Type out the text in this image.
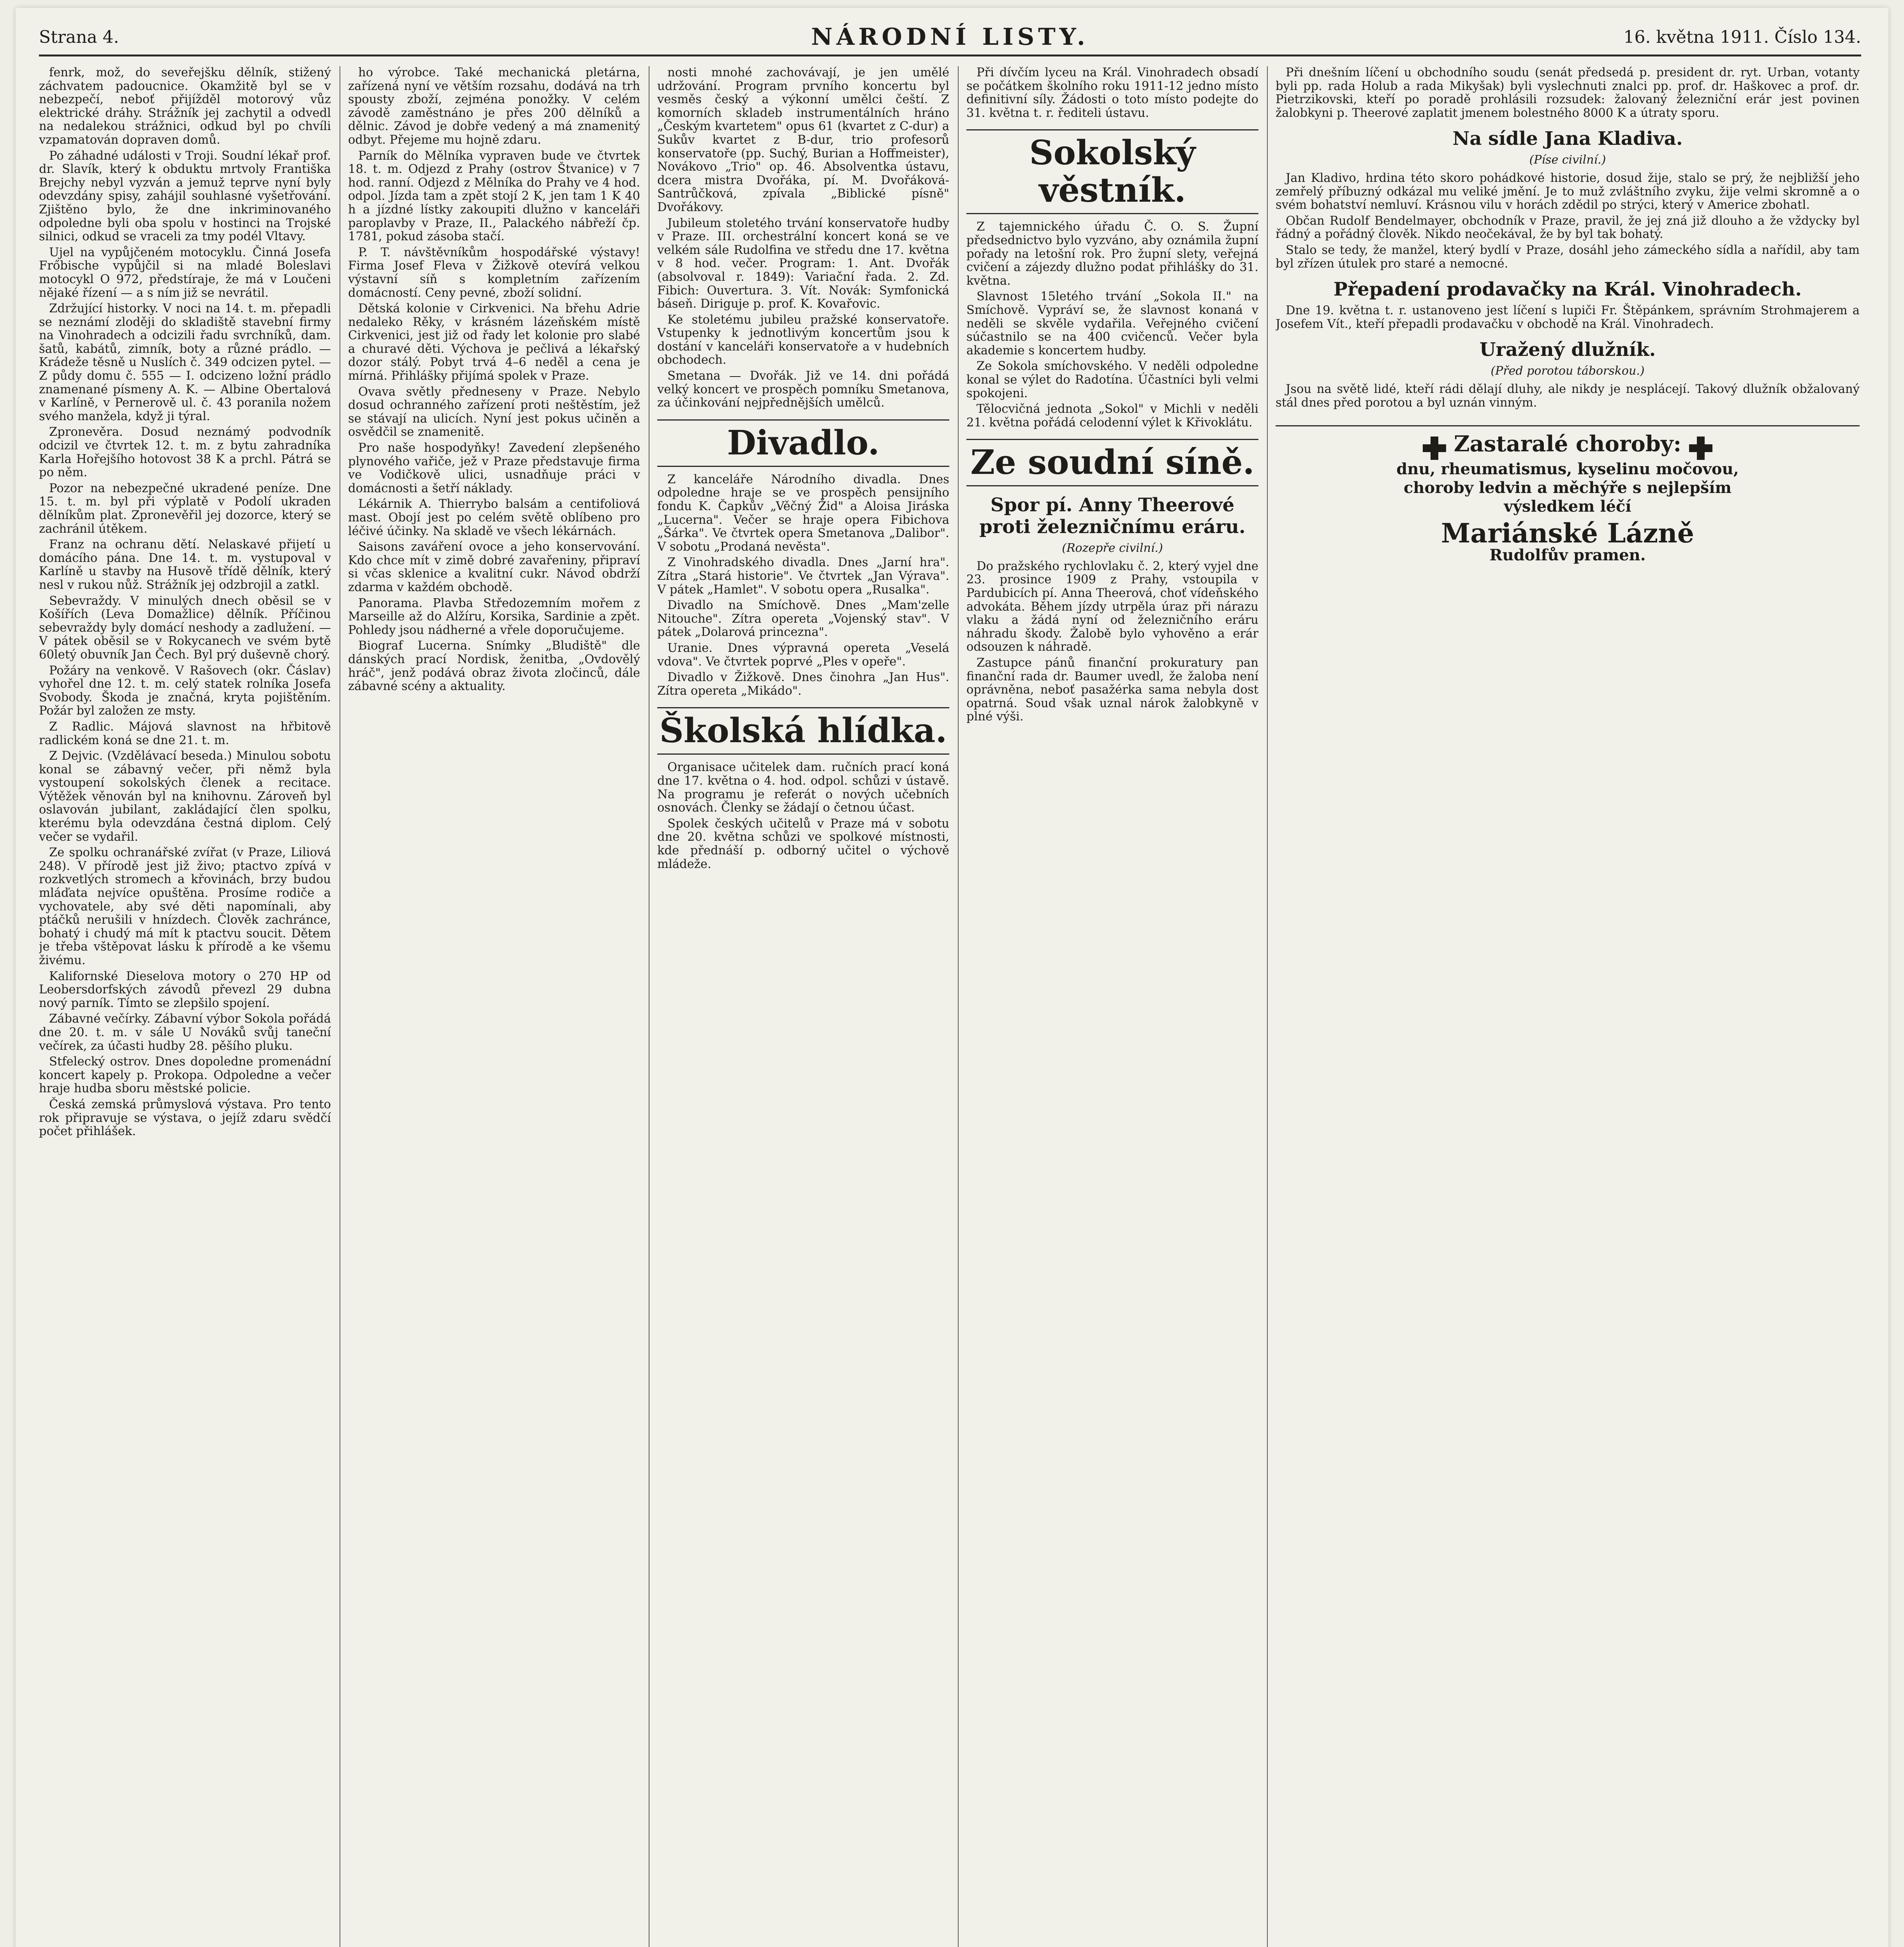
Strana 4.	NÁRODNÍ LISTY.	16. května 1911. Číslo 134.

fenrk, mož, do seveřejšku dělník, stižený záchvatem padoucnice. Okamžitě byl se v nebezpečí, neboť přijížděl motorový vůz elektrické dráhy. Strážník jej zachytil a odvedl na nedalekou strážnici, odkud byl po chvíli vzpamatován dopraven domů.

Po záhadné události v Troji. Soudní lékař prof. dr. Slavík, který k obduktu mrtvoly Františka Brejchy nebyl vyzván a jemuž teprve nyní byly odevzdány spisy, zahájil souhlasné vyšetřování. Zjištěno bylo, že dne inkriminovaného odpoledne byli oba spolu v hostinci na Trojské silnici, odkud se vraceli za tmy podél Vltavy.

Ujel na vypůjčeném motocyklu. Činná Josefa Frőbische vypůjčil si na mladé Boleslavi motocykl O 972, předstíraje, že má v Loučeni nějaké řízení — a s ním již se nevrátil.

Zdržující historky. V noci na 14. t. m. přepadli se neznámí zloději do skladiště stavební firmy na Vinohradech a odcizili řadu svrchníků, dam. šatů, kabátů, zimník, boty a různé prádlo. — Krádeže těsně u Nuslích č. 349 odcizen pytel. — Z půdy domu č. 555 — I. odcizeno ložní prádlo znamenané písmeny A. K. — Albine Obertalová v Karlíně, v Pernerově ul. č. 43 poranila nožem svého manžela, když ji týral.

Zpronevěra. Dosud neznámý podvodník odcizil ve čtvrtek 12. t. m. z bytu zahradníka Karla Hořejšího hotovost 38 K a prchl. Pátrá se po něm.

Pozor na nebezpečné ukradené peníze. Dne 15. t. m. byl při výplatě v Podolí ukraden dělníkům plat. Zpronevěřil jej dozorce, který se zachránil útěkem.

Franz na ochranu dětí. Nelaskavé přijetí u domácího pána. Dne 14. t. m. vystupoval v Karlíně u stavby na Husově třídě dělník, který nesl v rukou nůž. Strážník jej odzbrojil a zatkl.

Sebevraždy. V minulých dnech oběsil se v Košířích (Leva Domažlice) dělník. Příčinou sebevraždy byly domácí neshody a zadlužení. — V pátek oběsil se v Rokycanech ve svém bytě 60letý obuvník Jan Čech. Byl prý duševně chorý.

Požáry na venkově. V Rašovech (okr. Čáslav) vyhořel dne 12. t. m. celý statek rolníka Josefa Svobody. Škoda je značná, kryta pojištěním. Požár byl založen ze msty.

Z Radlic. Májová slavnost na hřbitově radlickém koná se dne 21. t. m.

Z Dejvic. (Vzdělávací beseda.) Minulou sobotu konal se zábavný večer, při němž byla vystoupení sokolských členek a recitace. Výtěžek věnován byl na knihovnu. Zároveň byl oslavován jubilant, zakládající člen spolku, kterému byla odevzdána čestná diplom. Celý večer se vydařil.

Ze spolku ochranářské zvířat (v Praze, Liliová 248). V přírodě jest již živo; ptactvo zpívá v rozkvetlých stromech a křovinách, brzy budou mláďata nejvíce opuštěna. Prosíme rodiče a vychovatele, aby své děti napomínali, aby ptáčků nerušili v hnízdech. Člověk zachránce, bohatý i chudý má mít k ptactvu soucit. Dětem je třeba vštěpovat lásku k přírodě a ke všemu živému.

Kalifornské Dieselova motory o 270 HP od Leobersdorfských závodů převezl 29 dubna nový parník. Tímto se zlepšilo spojení.

Zábavné večírky. Zábavní výbor Sokola pořádá dne 20. t. m. v sále U Nováků svůj taneční večírek, za účasti hudby 28. pěšího pluku.

Stfelecký ostrov. Dnes dopoledne promenádní koncert kapely p. Prokopa. Odpoledne a večer hraje hudba sboru městské policie.

Česká zemská průmyslová výstava. Pro tento rok připravuje se výstava, o jejíž zdaru svědčí počet přihlášek.

ho výrobce. Také mechanická pletárna, zařízená nyní ve větším rozsahu, dodává na trh spousty zboží, zejména ponožky. V celém závodě zaměstnáno je přes 200 dělníků a dělnic. Závod je dobře vedený a má znamenitý odbyt. Přejeme mu hojně zdaru.

Parník do Mělníka vypraven bude ve čtvrtek 18. t. m. Odjezd z Prahy (ostrov Štvanice) v 7 hod. ranní. Odjezd z Mělníka do Prahy ve 4 hod. odpol. Jízda tam a zpět stojí 2 K, jen tam 1 K 40 h a jízdné lístky zakoupiti dlužno v kanceláři paroplavby v Praze, II., Palackého nábřeží čp. 1781, pokud zásoba stačí.

P. T. návštěvníkům hospodářské výstavy! Firma Josef Fleva v Žižkově otevírá velkou výstavní síň s kompletním zařízením domácností. Ceny pevné, zboží solidní.

Dětská kolonie v Cirkvenici. Na břehu Adrie nedaleko Rěky, v krásném lázeňském místě Cirkvenici, jest již od řady let kolonie pro slabé a churavé děti. Výchova je pečlivá a lékařský dozor stálý. Pobyt trvá 4–6 neděl a cena je mírná. Přihlášky přijímá spolek v Praze.

Ovava světly předneseny v Praze. Nebylo dosud ochranného zařízení proti neštěstím, jež se stávají na ulicích. Nyní jest pokus učiněn a osvědčil se znamenitě.

Pro naše hospodyňky! Zavedení zlepšeného plynového vařiče, jež v Praze představuje firma ve Vodičkově ulici, usnadňuje práci v domácnosti a šetří náklady.

Lékárnik A. Thierrybo balsám a centifoliová mast. Obojí jest po celém světě oblíbeno pro léčivé účinky. Na skladě ve všech lékárnách.

Saisons zaváření ovoce a jeho konservování. Kdo chce mít v zimě dobré zavařeniny, připraví si včas sklenice a kvalitní cukr. Návod obdrží zdarma v každém obchodě.

Panorama. Plavba Středozemním mořem z Marseille až do Alžíru, Korsika, Sardinie a zpět. Pohledy jsou nádherné a vřele doporučujeme.

Biograf Lucerna. Snímky „Bludiště" dle dánských prací Nordisk, ženitba, „Ovdovělý hráč", jenž podává obraz života zločinců, dále zábavné scény a aktuality.

nosti mnohé zachovávají, je jen umělé udržování. Program prvního koncertu byl vesměs český a výkonní umělci čeští. Z komorních skladeb instrumentálních hráno „Českým kvartetem" opus 61 (kvartet z C-dur) a Sukův kvartet z B-dur, trio profesorů konservatoře (pp. Suchý, Burian a Hoffmeister), Novákovo „Trio" op. 46. Absolventka ústavu, dcera mistra Dvořáka, pí. M. Dvořáková-Santrůčková, zpívala „Biblické písně" Dvořákovy.

Jubileum stoletého trvání konservatoře hudby v Praze. III. orchestrální koncert koná se ve velkém sále Rudolfina ve středu dne 17. května v 8 hod. večer. Program: 1. Ant. Dvořák (absolvoval r. 1849): Variační řada. 2. Zd. Fibich: Ouvertura. 3. Vít. Novák: Symfonická báseň. Diriguje p. prof. K. Kovařovic.

Ke stoletému jubileu pražské konservatoře. Vstupenky k jednotlivým koncertům jsou k dostání v kanceláři konservatoře a v hudebních obchodech.

Smetana — Dvořák. Již ve 14. dni pořádá velký koncert ve prospěch pomníku Smetanova, za účinkování nejpřednějších umělců.

Divadlo.

Z kanceláře Národního divadla. Dnes odpoledne hraje se ve prospěch pensijního fondu K. Čapkův „Věčný Žid" a Aloisa Jiráska „Lucerna". Večer se hraje opera Fibichova „Šárka". Ve čtvrtek opera Smetanova „Dalibor". V sobotu „Prodaná nevěsta".

Z Vinohradského divadla. Dnes „Jarní hra". Zítra „Stará historie". Ve čtvrtek „Jan Výrava". V pátek „Hamlet". V sobotu opera „Rusalka".

Divadlo na Smíchově. Dnes „Mam'zelle Nitouche". Zítra opereta „Vojenský stav". V pátek „Dolarová princezna".

Uranie. Dnes výpravná opereta „Veselá vdova". Ve čtvrtek poprvé „Ples v opeře".

Divadlo v Žižkově. Dnes činohra „Jan Hus". Zítra opereta „Mikádo".

Školská hlídka.

Organisace učitelek dam. ručních prací koná dne 17. května o 4. hod. odpol. schůzi v ústavě. Na programu je referát o nových učebních osnovách. Členky se žádají o četnou účast.

Spolek českých učitelů v Praze má v sobotu dne 20. května schůzi ve spolkové místnosti, kde přednáší p. odborný učitel o výchově mládeže.

Při dívčím lyceu na Král. Vinohradech obsadí se počátkem školního roku 1911-12 jedno místo definitivní síly. Žádosti o toto místo podejte do 31. května t. r. řediteli ústavu.

Sokolský věstník.

Z tajemnického úřadu Č. O. S. Župní předsednictvo bylo vyzváno, aby oznámila župní pořady na letošní rok. Pro župní slety, veřejná cvičení a zájezdy dlužno podat přihlášky do 31. května.

Slavnost 15letého trvání „Sokola II." na Smíchově. Vypráví se, že slavnost konaná v neděli se skvěle vydařila. Veřejného cvičení súčastnilo se na 400 cvičenců. Večer byla akademie s koncertem hudby.

Ze Sokola smíchovského. V neděli odpoledne konal se výlet do Radotína. Účastníci byli velmi spokojeni.

Tělocvičná jednota „Sokol" v Michli v neděli 21. května pořádá celodenní výlet k Křivoklátu.

Ze soudní síně.
Spor pí. Anny Theerové proti železničnímu eráru.
(Rozepře civilní.)

Do pražského rychlovlaku č. 2, který vyjel dne 23. prosince 1909 z Prahy, vstoupila v Pardubicích pí. Anna Theerová, choť vídeňského advokáta. Během jízdy utrpěla úraz při nárazu vlaku a žádá nyní od železničního eráru náhradu škody. Žalobě bylo vyhověno a erár odsouzen k náhradě.

Zastupce pánů finanční prokuratury pan finanční rada dr. Baumer uvedl, že žaloba není oprávněna, neboť pasažérka sama nebyla dost opatrná. Soud však uznal nárok žalobkyně v plné výši.

Při dnešním líčení u obchodního soudu (senát předsedá p. president dr. ryt. Urban, votanty byli pp. rada Holub a rada Mikyšak) byli vyslechnuti znalci pp. prof. dr. Haškovec a prof. dr. Pietrzikovski, kteří po poradě prohlásili rozsudek: žalovaný železniční erár jest povinen žalobkyni p. Theerové zaplatit jmenem bolestného 8000 K a útraty sporu.

Na sídle Jana Kladiva.
(Píse civilní.)

Jan Kladivo, hrdina této skoro pohádkové historie, dosud žije, stalo se prý, že nejbližší jeho zemřelý příbuzný odkázal mu veliké jmění. Je to muž zvláštního zvyku, žije velmi skromně a o svém bohatství nemluví. Krásnou vilu v horách zdědil po strýci, který v Americe zbohatl.

Občan Rudolf Bendelmayer, obchodník v Praze, pravil, že jej zná již dlouho a že vždycky byl řádný a pořádný člověk. Nikdo neočekával, že by byl tak bohatý.

Stalo se tedy, že manžel, který bydlí v Praze, dosáhl jeho zámeckého sídla a nařídil, aby tam byl zřízen útulek pro staré a nemocné.

Přepadení prodavačky na Král. Vinohradech.

Dne 19. května t. r. ustanoveno jest líčení s lupiči Fr. Štěpánkem, správním Strohmajerem a Josefem Vít., kteří přepadli prodavačku v obchodě na Král. Vinohradech.

Uražený dlužník.
(Před porotou táborskou.)

Jsou na světě lidé, kteří rádi dělají dluhy, ale nikdy je nesplácejí. Takový dlužník obžalovaný stál dnes před porotou a byl uznán vinným.

Zastaralé choroby:
dnu, rheumatismus, kyselinu močovou,
choroby ledvin a měchýře s nejlepším
výsledkem léčí
Mariánské Lázně
Rudolfův pramen.
